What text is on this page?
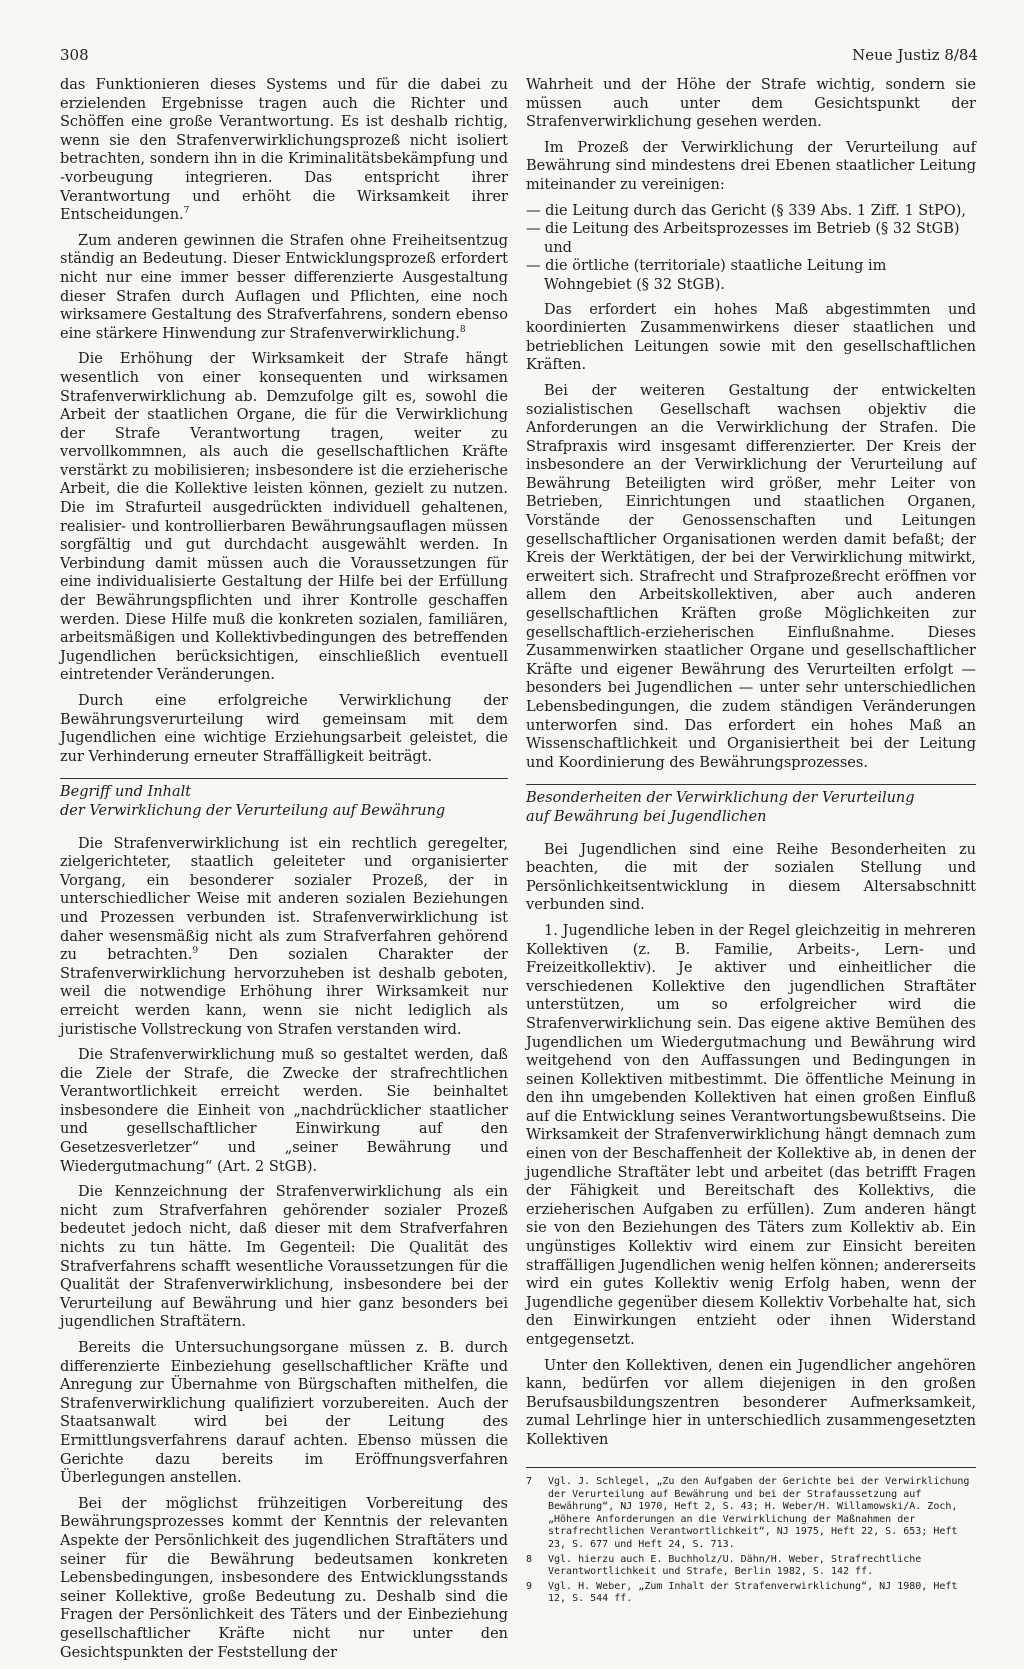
308	Neue Justiz 8/84

das Funktionieren dieses Systems und für die dabei zu erzielenden Ergebnisse tragen auch die Richter und Schöffen eine große Verantwortung. Es ist deshalb richtig, wenn sie den Strafenverwirklichungsprozeß nicht isoliert betrachten, sondern ihn in die Kriminalitätsbekämpfung und -vorbeugung integrieren. Das entspricht ihrer Verantwortung und erhöht die Wirksamkeit ihrer Entscheidungen.$^7$

Zum anderen gewinnen die Strafen ohne Freiheitsentzug ständig an Bedeutung. Dieser Entwicklungsprozeß erfordert nicht nur eine immer besser differenzierte Ausgestaltung dieser Strafen durch Auflagen und Pflichten, eine noch wirksamere Gestaltung des Strafverfahrens, sondern ebenso eine stärkere Hinwendung zur Strafenverwirklichung.$^8$

Die Erhöhung der Wirksamkeit der Strafe hängt wesentlich von einer konsequenten und wirksamen Strafenverwirklichung ab. Demzufolge gilt es, sowohl die Arbeit der staatlichen Organe, die für die Verwirklichung der Strafe Verantwortung tragen, weiter zu vervollkommnen, als auch die gesellschaftlichen Kräfte verstärkt zu mobilisieren; insbesondere ist die erzieherische Arbeit, die die Kollektive leisten können, gezielt zu nutzen. Die im Strafurteil ausgedrückten individuell gehaltenen, realisier- und kontrollierbaren Bewährungsauflagen müssen sorgfältig und gut durchdacht ausgewählt werden. In Verbindung damit müssen auch die Voraussetzungen für eine individualisierte Gestaltung der Hilfe bei der Erfüllung der Bewährungspflichten und ihrer Kontrolle geschaffen werden. Diese Hilfe muß die konkreten sozialen, familiären, arbeitsmäßigen und Kollektivbedingungen des betreffenden Jugendlichen berücksichtigen, einschließlich eventuell eintretender Veränderungen.

Durch eine erfolgreiche Verwirklichung der Bewährungsverurteilung wird gemeinsam mit dem Jugendlichen eine wichtige Erziehungsarbeit geleistet, die zur Verhinderung erneuter Straffälligkeit beiträgt.

Begriff und Inhalt
der Verwirklichung der Verurteilung auf Bewährung

Die Strafenverwirklichung ist ein rechtlich geregelter, zielgerichteter, staatlich geleiteter und organisierter Vorgang, ein besonderer sozialer Prozeß, der in unterschiedlicher Weise mit anderen sozialen Beziehungen und Prozessen verbunden ist. Strafenverwirklichung ist daher wesensmäßig nicht als zum Strafverfahren gehörend zu betrachten.$^9$ Den sozialen Charakter der Strafenverwirklichung hervorzuheben ist deshalb geboten, weil die notwendige Erhöhung ihrer Wirksamkeit nur erreicht werden kann, wenn sie nicht lediglich als juristische Vollstreckung von Strafen verstanden wird.

Die Strafenverwirklichung muß so gestaltet werden, daß die Ziele der Strafe, die Zwecke der strafrechtlichen Verantwortlichkeit erreicht werden. Sie beinhaltet insbesondere die Einheit von „nachdrücklicher staatlicher und gesellschaftlicher Einwirkung auf den Gesetzesverletzer“ und „seiner Bewährung und Wiedergutmachung“ (Art. 2 StGB).

Die Kennzeichnung der Strafenverwirklichung als ein nicht zum Strafverfahren gehörender sozialer Prozeß bedeutet jedoch nicht, daß dieser mit dem Strafverfahren nichts zu tun hätte. Im Gegenteil: Die Qualität des Strafverfahrens schafft wesentliche Voraussetzungen für die Qualität der Strafenverwirklichung, insbesondere bei der Verurteilung auf Bewährung und hier ganz besonders bei jugendlichen Straftätern.

Bereits die Untersuchungsorgane müssen z. B. durch differenzierte Einbeziehung gesellschaftlicher Kräfte und Anregung zur Übernahme von Bürgschaften mithelfen, die Strafenverwirklichung qualifiziert vorzubereiten. Auch der Staatsanwalt wird bei der Leitung des Ermittlungsverfahrens darauf achten. Ebenso müssen die Gerichte dazu bereits im Eröffnungsverfahren Überlegungen anstellen.

Bei der möglichst frühzeitigen Vorbereitung des Bewährungsprozesses kommt der Kenntnis der relevanten Aspekte der Persönlichkeit des jugendlichen Straftäters und seiner für die Bewährung bedeutsamen konkreten Lebensbedingungen, insbesondere des Entwicklungsstands seiner Kollektive, große Bedeutung zu. Deshalb sind die Fragen der Persönlichkeit des Täters und der Einbeziehung gesellschaftlicher Kräfte nicht nur unter den Gesichtspunkten der Feststellung der

Wahrheit und der Höhe der Strafe wichtig, sondern sie müssen auch unter dem Gesichtspunkt der Strafenverwirklichung gesehen werden.

Im Prozeß der Verwirklichung der Verurteilung auf Bewährung sind mindestens drei Ebenen staatlicher Leitung miteinander zu vereinigen:

— die Leitung durch das Gericht (§ 339 Abs. 1 Ziff. 1 StPO),
— die Leitung des Arbeitsprozesses im Betrieb (§ 32 StGB) und
— die örtliche (territoriale) staatliche Leitung im Wohngebiet (§ 32 StGB).

Das erfordert ein hohes Maß abgestimmten und koordinierten Zusammenwirkens dieser staatlichen und betrieblichen Leitungen sowie mit den gesellschaftlichen Kräften.

Bei der weiteren Gestaltung der entwickelten sozialistischen Gesellschaft wachsen objektiv die Anforderungen an die Verwirklichung der Strafen. Die Strafpraxis wird insgesamt differenzierter. Der Kreis der insbesondere an der Verwirklichung der Verurteilung auf Bewährung Beteiligten wird größer, mehr Leiter von Betrieben, Einrichtungen und staatlichen Organen, Vorstände der Genossenschaften und Leitungen gesellschaftlicher Organisationen werden damit befaßt; der Kreis der Werktätigen, der bei der Verwirklichung mitwirkt, erweitert sich. Strafrecht und Strafprozeßrecht eröffnen vor allem den Arbeitskollektiven, aber auch anderen gesellschaftlichen Kräften große Möglichkeiten zur gesellschaftlich-erzieherischen Einflußnahme. Dieses Zusammenwirken staatlicher Organe und gesellschaftlicher Kräfte und eigener Bewährung des Verurteilten erfolgt — besonders bei Jugendlichen — unter sehr unterschiedlichen Lebensbedingungen, die zudem ständigen Veränderungen unterworfen sind. Das erfordert ein hohes Maß an Wissenschaftlichkeit und Organisiertheit bei der Leitung und Koordinierung des Bewährungsprozesses.

Besonderheiten der Verwirklichung der Verurteilung
auf Bewährung bei Jugendlichen

Bei Jugendlichen sind eine Reihe Besonderheiten zu beachten, die mit der sozialen Stellung und Persönlichkeitsentwicklung in diesem Altersabschnitt verbunden sind.

1. Jugendliche leben in der Regel gleichzeitig in mehreren Kollektiven (z. B. Familie, Arbeits-, Lern- und Freizeitkollektiv). Je aktiver und einheitlicher die verschiedenen Kollektive den jugendlichen Straftäter unterstützen, um so erfolgreicher wird die Strafenverwirklichung sein. Das eigene aktive Bemühen des Jugendlichen um Wiedergutmachung und Bewährung wird weitgehend von den Auffassungen und Bedingungen in seinen Kollektiven mitbestimmt. Die öffentliche Meinung in den ihn umgebenden Kollektiven hat einen großen Einfluß auf die Entwicklung seines Verantwortungsbewußtseins. Die Wirksamkeit der Strafenverwirklichung hängt demnach zum einen von der Beschaffenheit der Kollektive ab, in denen der jugendliche Straftäter lebt und arbeitet (das betrifft Fragen der Fähigkeit und Bereitschaft des Kollektivs, die erzieherischen Aufgaben zu erfüllen). Zum anderen hängt sie von den Beziehungen des Täters zum Kollektiv ab. Ein ungünstiges Kollektiv wird einem zur Einsicht bereiten straffälligen Jugendlichen wenig helfen können; andererseits wird ein gutes Kollektiv wenig Erfolg haben, wenn der Jugendliche gegenüber diesem Kollektiv Vorbehalte hat, sich den Einwirkungen entzieht oder ihnen Widerstand entgegensetzt.

Unter den Kollektiven, denen ein Jugendlicher angehören kann, bedürfen vor allem diejenigen in den großen Berufsausbildungszentren besonderer Aufmerksamkeit, zumal Lehrlinge hier in unterschiedlich zusammengesetzten Kollektiven

7 Vgl. J. Schlegel, „Zu den Aufgaben der Gerichte bei der Verwirklichung der Verurteilung auf Bewährung und bei der Strafaussetzung auf Bewährung“, NJ 1970, Heft 2, S. 43; H. Weber/H. Willamowski/A. Zoch, „Höhere Anforderungen an die Verwirklichung der Maßnahmen der strafrechtlichen Verantwortlichkeit“, NJ 1975, Heft 22, S. 653; Heft 23, S. 677 und Heft 24, S. 713.
8 Vgl. hierzu auch E. Buchholz/U. Dähn/H. Weber, Strafrechtliche Verantwortlichkeit und Strafe, Berlin 1982, S. 142 ff.
9 Vgl. H. Weber, „Zum Inhalt der Strafenverwirklichung“, NJ 1980, Heft 12, S. 544 ff.
